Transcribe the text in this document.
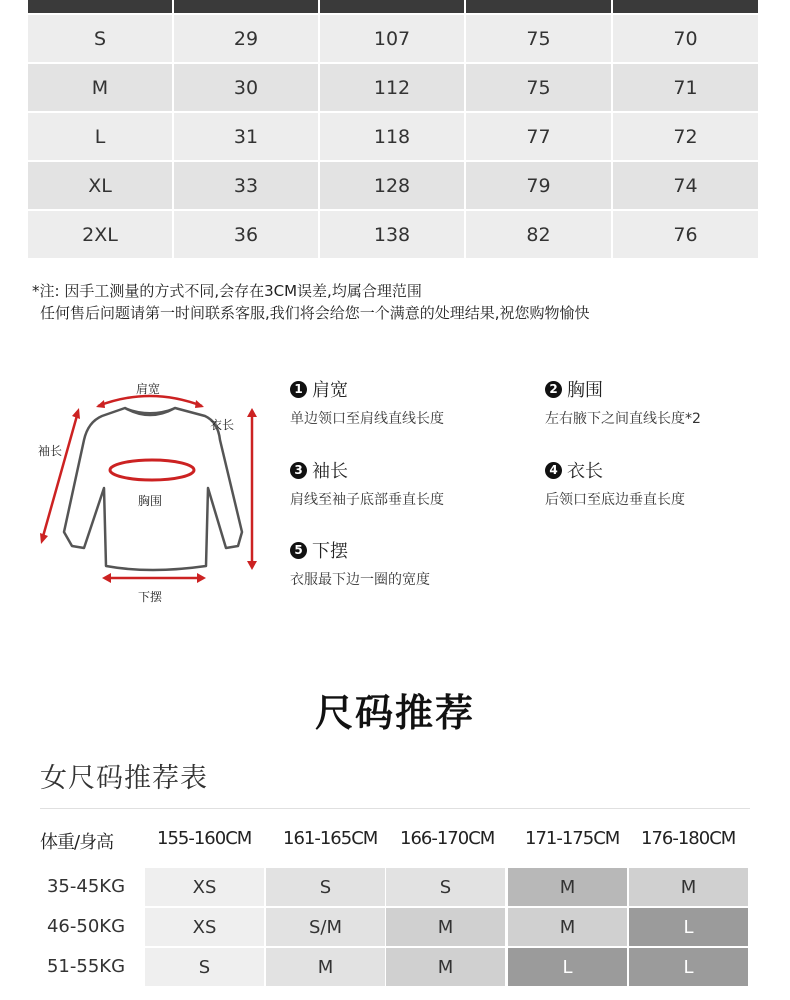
S	29	107	75	70
M	30	112	75	71
L	31	118	77	72
XL	33	128	79	74
2XL	36	138	82	76
*注: 因手工测量的方式不同,会存在3CM误差,均属合理范围
任何售后问题请第一时间联系客服,我们将会给您一个满意的处理结果,祝您购物愉快
肩宽
衣长
袖长
胸围
下摆
1 肩宽
单边领口至肩线直线长度
2 胸围
左右腋下之间直线长度*2
3 袖长
肩线至袖子底部垂直长度
4 衣长
后领口至底边垂直长度
5 下摆
衣服最下边一圈的宽度
尺码推荐
女尺码推荐表
体重/身高 155-160CM 161-165CM 166-170CM 171-175CM 176-180CM
35-45KG	XS	S	S	M	M
46-50KG	XS	S/M	M	M	L
51-55KG	S	M	M	L	L
